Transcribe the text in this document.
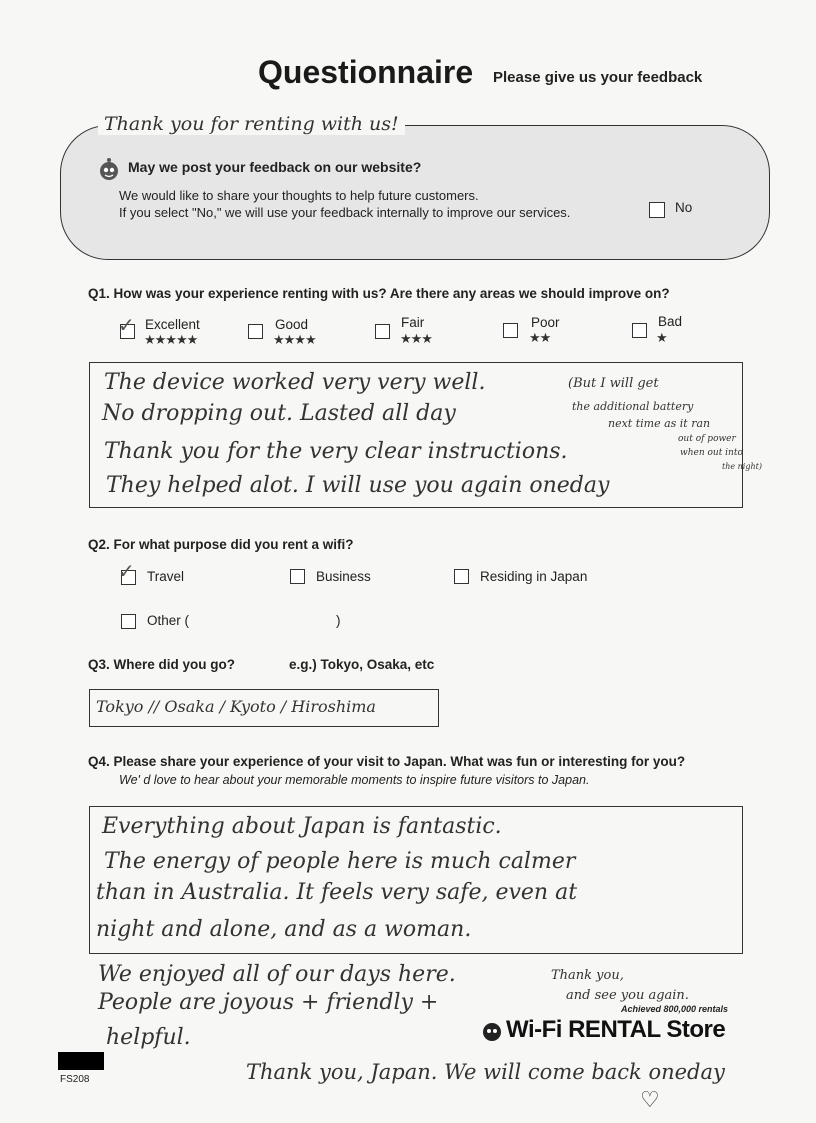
Questionnaire Please give us your feedback
Thank you for renting with us!
May we post your feedback on our website?
We would like to share your thoughts to help future customers.
If you select "No," we will use your feedback internally to improve our services.	No
Q1. How was your experience renting with us? Are there any areas we should improve on?
✓ Excellent
★★★★★
Good
★★★★
Fair
★★★
Poor
★★
Bad
★
The device worked very very well.
No dropping out. Lasted all day
Thank you for the very clear instructions.
They helped alot. I will use you again oneday
(But I will get
the additional battery
next time as it ran
out of power
when out into
the night)
Q2. For what purpose did you rent a wifi?
✓ Travel	Business	Residing in Japan
Other (	)
Q3. Where did you go?	e.g.) Tokyo, Osaka, etc
Tokyo // Osaka / Kyoto / Hiroshima
Q4. Please share your experience of your visit to Japan. What was fun or interesting for you?
We' d love to hear about your memorable moments to inspire future visitors to Japan.
Everything about Japan is fantastic.
The energy of people here is much calmer
than in Australia. It feels very safe, even at
night and alone, and as a woman.
We enjoyed all of our days here.
People are joyous + friendly +
helpful.
Thank you, Japan. We will come back oneday
♡
Thank you,
and see you again.
Achieved 800,000 rentals
Wi-Fi RENTAL Store
FS208
